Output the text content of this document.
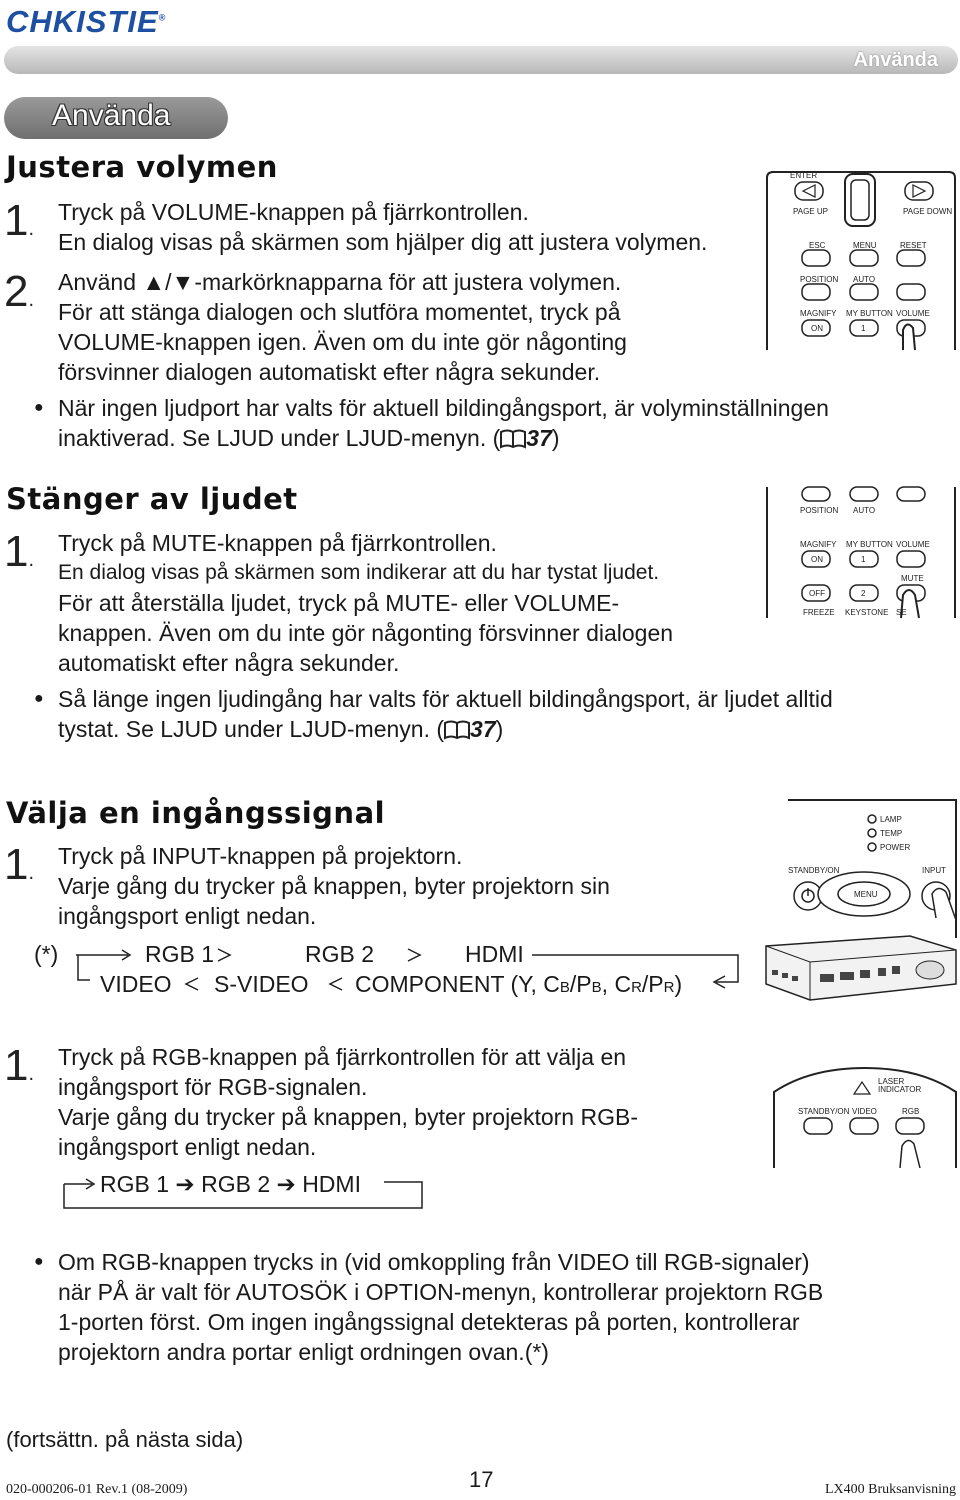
CHKISTIE®
Använda
Använda
Justera volymen
1 . Tryck på VOLUME-knappen på fjärrkontrollen.
En dialog visas på skärmen som hjälper dig att justera volymen.
2 . Använd ▲/▼-markörknapparna för att justera volymen.
För att stänga dialogen och slutföra momentet, tryck på
VOLUME-knappen igen. Även om du inte gör någonting
försvinner dialogen automatiskt efter några sekunder.
● När ingen ljudport har valts för aktuell bildingångsport, är volyminställningen
inaktiverad. Se LJUD under LJUD-menyn. ( 37)
ENTER
PAGE UP	PAGE DOWN
ESC	MENU	RESET
POSITION AUTO
MAGNIFY MY BUTTON VOLUME
ON	1
Stänger av ljudet
1 . Tryck på MUTE-knappen på fjärrkontrollen.
En dialog visas på skärmen som indikerar att du har tystat ljudet.
För att återställa ljudet, tryck på MUTE- eller VOLUME-
knappen. Även om du inte gör någonting försvinner dialogen
automatiskt efter några sekunder.
● Så länge ingen ljudingång har valts för aktuell bildingångsport, är ljudet alltid
tystat. Se LJUD under LJUD-menyn. ( 37)
POSITION AUTO
MAGNIFY MY BUTTON VOLUME
ON	1
MUTE
OFF	2
FREEZE KEYSTONE SE
Välja en ingångssignal
1 . Tryck på INPUT-knappen på projektorn.
Varje gång du trycker på knappen, byter projektorn sin
ingångsport enligt nedan.
(*)	RGB 1	RGB 2	HDMI
VIDEO S-VIDEO COMPONENT (Y, CB/PB, CR/PR)
LAMP
TEMP
POWER
STANDBY/ON	INPUT
MENU
1 . Tryck på RGB-knappen på fjärrkontrollen för att välja en
ingångsport för RGB-signalen.
Varje gång du trycker på knappen, byter projektorn RGB-
ingångsport enligt nedan.
RGB 1 ➔ RGB 2 ➔ HDMI
LASER
INDICATOR
STANDBY/ON VIDEO	RGB
● Om RGB-knappen trycks in (vid omkoppling från VIDEO till RGB-signaler)
när PÅ är valt för AUTOSÖK i OPTION-menyn, kontrollerar projektorn RGB
1-porten först. Om ingen ingångssignal detekteras på porten, kontrollerar
projektorn andra portar enligt ordningen ovan.(*)
(fortsättn. på nästa sida)
020-000206-01 Rev.1 (08-2009)	17	LX400 Bruksanvisning
